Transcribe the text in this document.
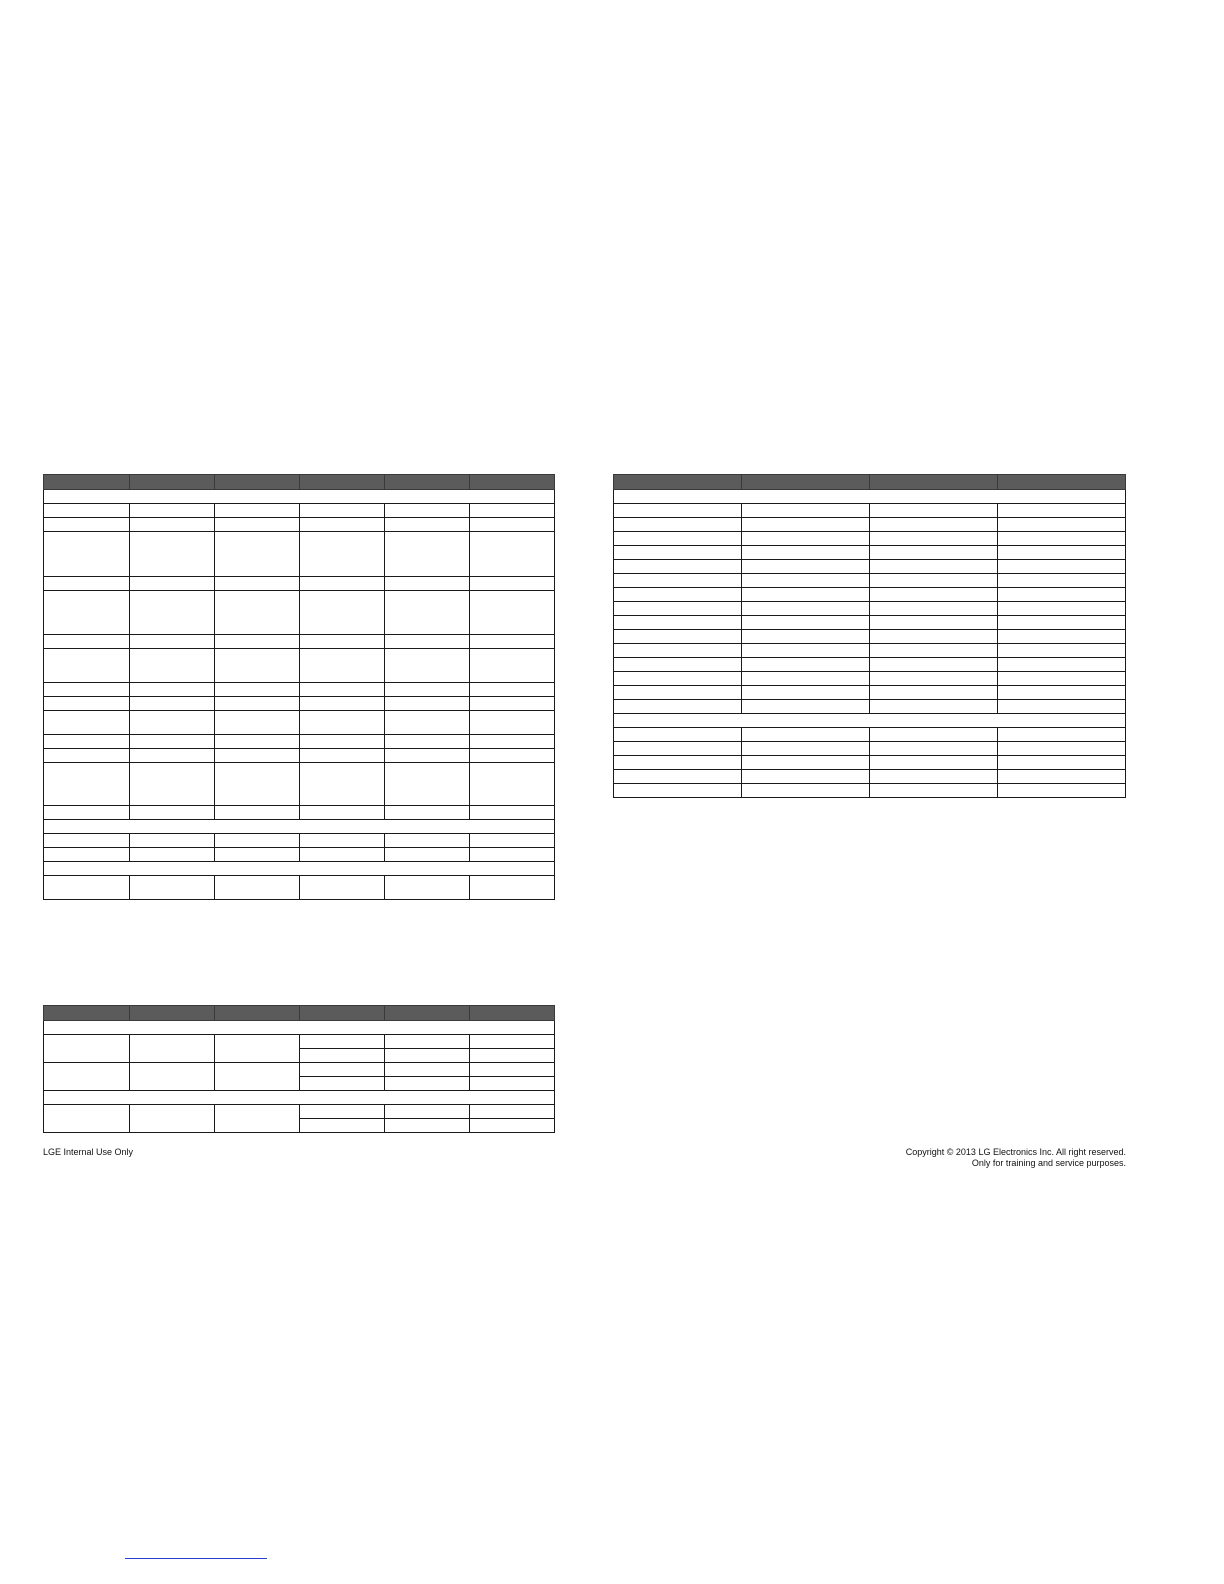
LGE Internal Use Only	Copyright © 2013 LG Electronics Inc. All right reserved.
Only for training and service purposes.
